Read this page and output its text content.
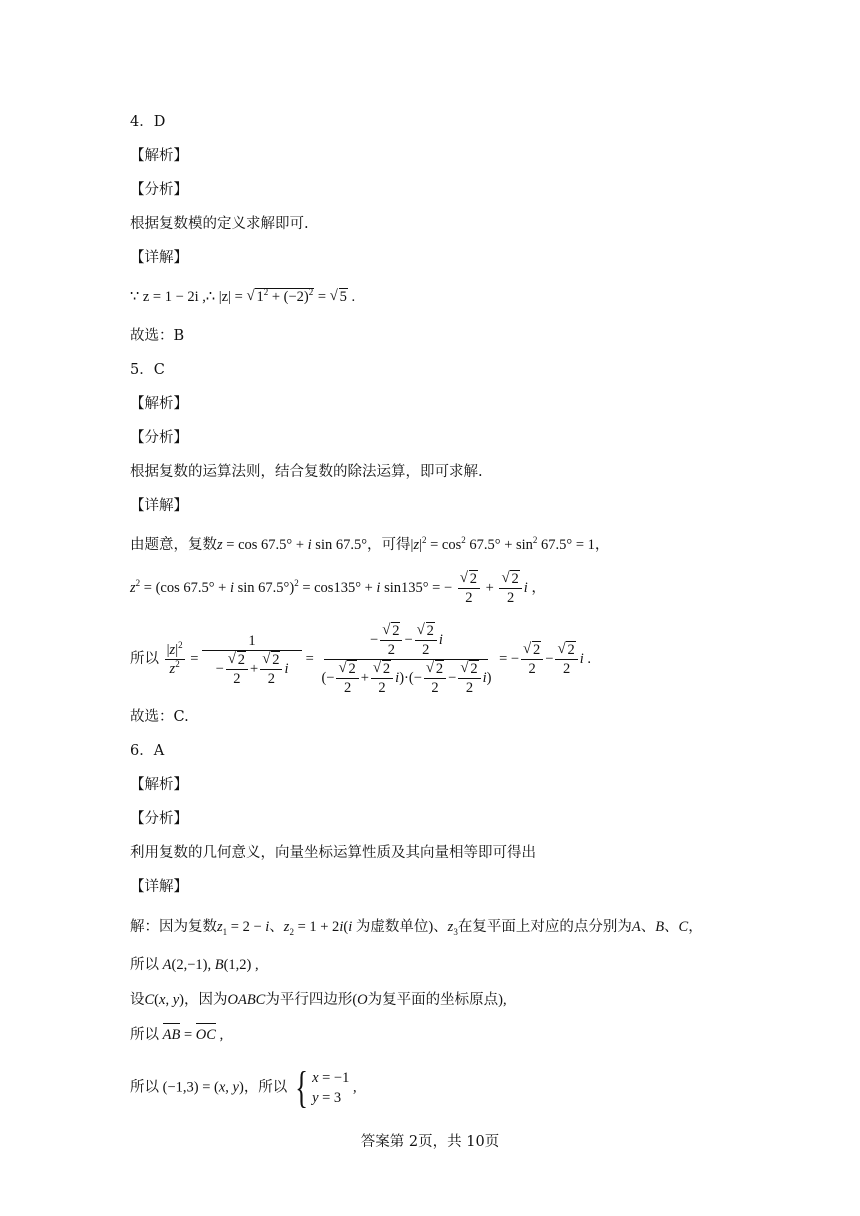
4．D
【解析】
【分析】
根据复数模的定义求解即可.
【详解】
∵ z = 1 − 2i ,∴ |z| = √ $1^2 + (-2)^2$ = √ 5 .
故选：B
5．C
【解析】
【分析】
根据复数的运算法则，结合复数的除法运算，即可求解.
【详解】
由题意，复数z = cos 67.5° + i sin 67.5°，可得$|z|^2 = \cos^2 67.5^\circ + \sin^2 67.5^\circ = 1$，
$z^2 = (\cos$ 67.5° + i sin 67.5°)$^2$ = cos135° + i sin135° = −
√ $\frac{2}{2}$ +
√ $\frac{2}{2}$ i ，
所以 $\frac{|z|^2}{z^2} = 1$
−
√ $\frac{2}{2}$ +
√ $\frac{2}{2}$ i = −
√ $\frac{2}{2}$ −
√ $\frac{2}{2}$ i
(−
√ $\frac{2}{2}$ +
√ $\frac{2}{2} i)\cdot(-$
√ $\frac{2}{2}$ −
√ $\frac{2}{2} i$) = −
√ $\frac{2}{2}$ −
√ $\frac{2}{2}$ i .
故选：C.
6．A
【解析】
【分析】
利用复数的几何意义，向量坐标运算性质及其向量相等即可得出
【详解】
解：因为复数$z_1 = 2 - i$、$z_2 = 1 + 2i(i$ 为虚数单位)、$z_3$在复平面上对应的点分别为A、B、C，
所以 A(2,−1), B(1,2) ,
设C(x, y)，因为OABC为平行四边形(O为复平面的坐标原点),
所以 AB = OC ,
所以 (−1,3) = (x, y)，所以 { x = −1
y = 3
,
答案第 2页，共 10页
